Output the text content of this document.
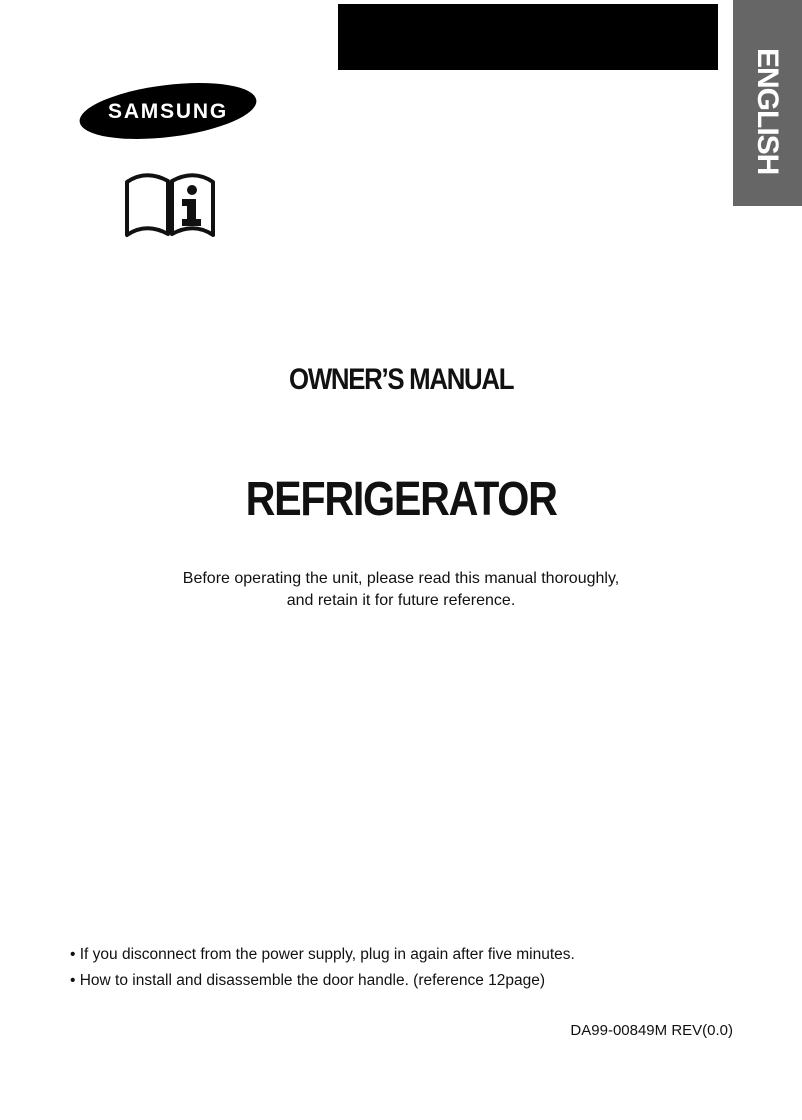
ENGLISH
SAMSUNG
OWNER’S MANUAL
REFRIGERATOR
Before operating the unit, please read this manual thoroughly,
and retain it for future reference.
• If you disconnect from the power supply, plug in again after five minutes.
• How to install and disassemble the door handle. (reference 12page)
DA99-00849M REV(0.0)
